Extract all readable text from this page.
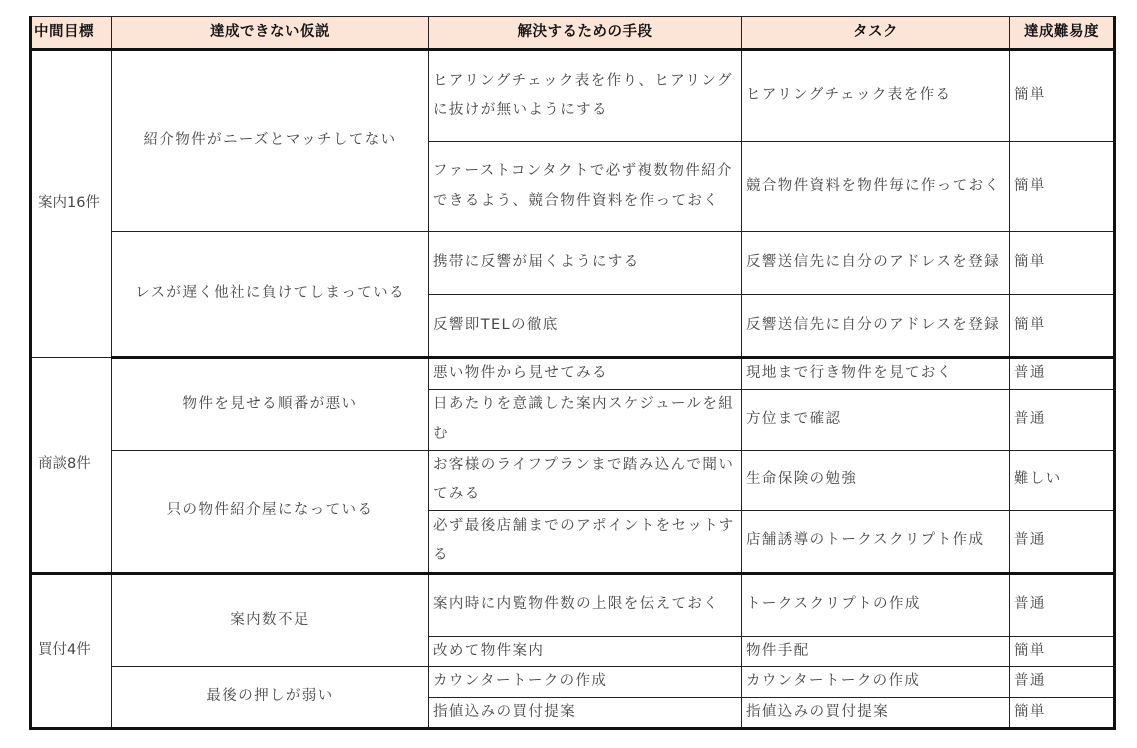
中間目標	達成できない仮説	解決するための手段	タスク	達成難易度
案内16件	紹介物件がニーズとマッチしてない	ヒアリングチェック表を作り、ヒアリングに抜けが無いようにする	ヒアリングチェック表を作る	簡単
		ファーストコンタクトで必ず複数物件紹介できるよう、競合物件資料を作っておく	競合物件資料を物件毎に作っておく	簡単
	レスが遅く他社に負けてしまっている	携帯に反響が届くようにする	反響送信先に自分のアドレスを登録	簡単
		反響即TELの徹底	反響送信先に自分のアドレスを登録	簡単
商談8件	物件を見せる順番が悪い	悪い物件から見せてみる	現地まで行き物件を見ておく	普通
		日あたりを意識した案内スケジュールを組む	方位まで確認	普通
	只の物件紹介屋になっている	お客様のライフプランまで踏み込んで聞いてみる	生命保険の勉強	難しい
		必ず最後店舗までのアポイントをセットする	店舗誘導のトークスクリプト作成	普通
買付4件	案内数不足	案内時に内覧物件数の上限を伝えておく	トークスクリプトの作成	普通
		改めて物件案内	物件手配	簡単
	最後の押しが弱い	カウンタートークの作成	カウンタートークの作成	普通
		指値込みの買付提案	指値込みの買付提案	簡単
